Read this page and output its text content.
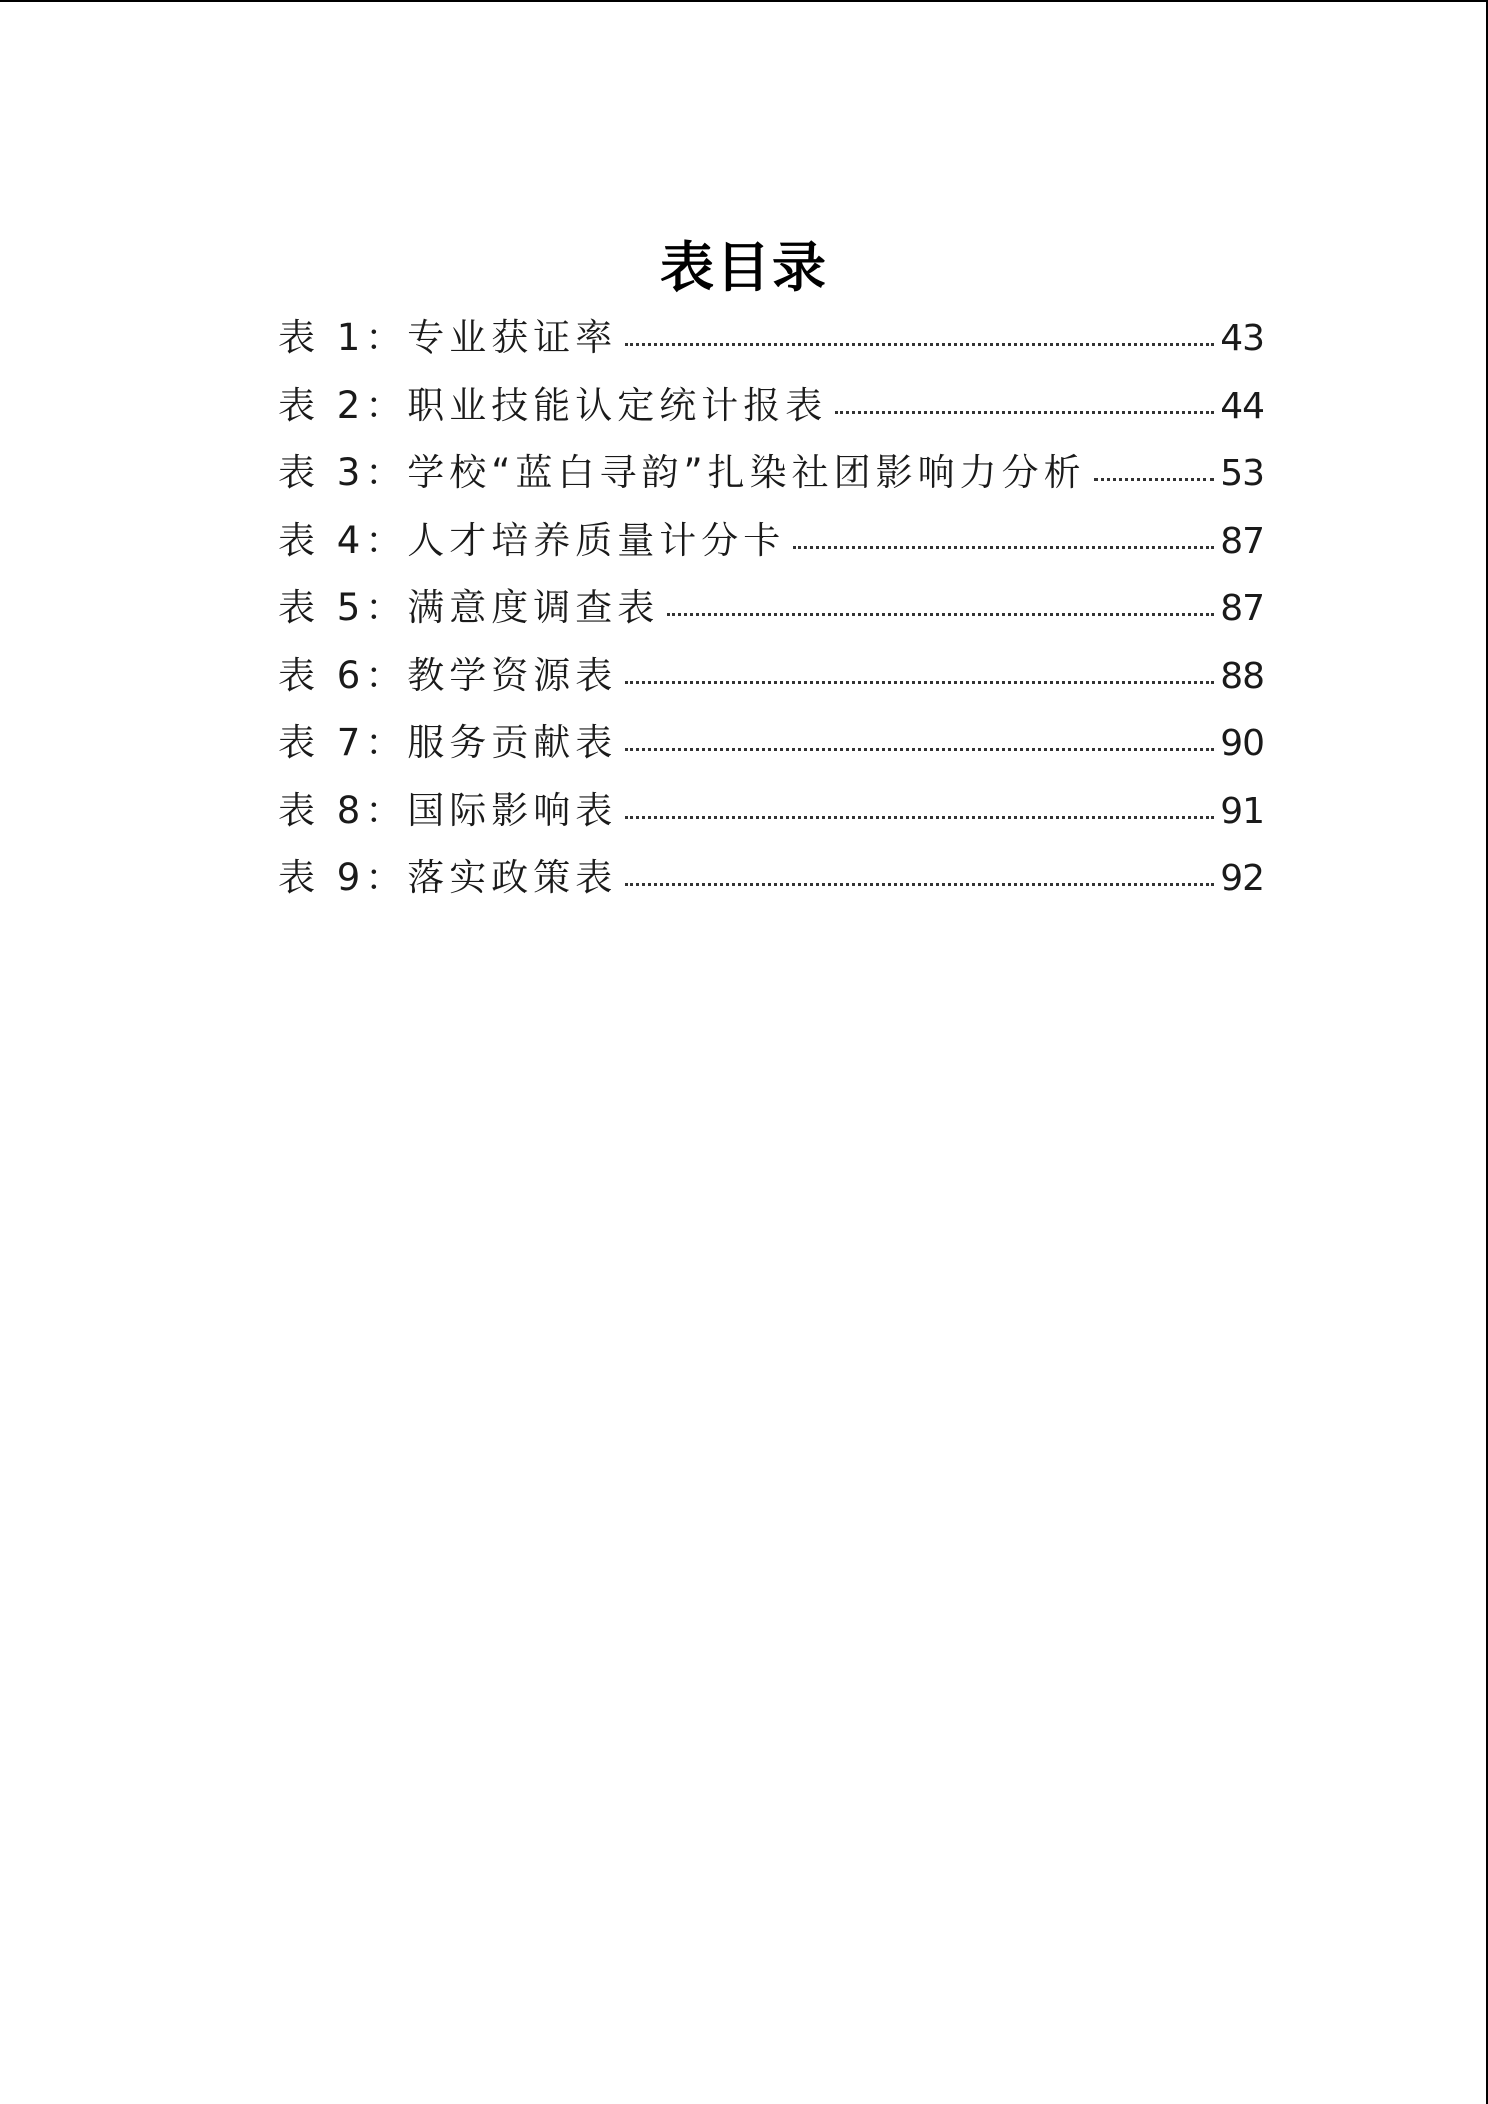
表目录
表 1：专业获证率	43
表 2：职业技能认定统计报表	44
表 3：学校“蓝白寻韵”扎染社团影响力分析	53
表 4：人才培养质量计分卡	87
表 5：满意度调查表	87
表 6：教学资源表	88
表 7：服务贡献表	90
表 8：国际影响表	91
表 9：落实政策表	92
